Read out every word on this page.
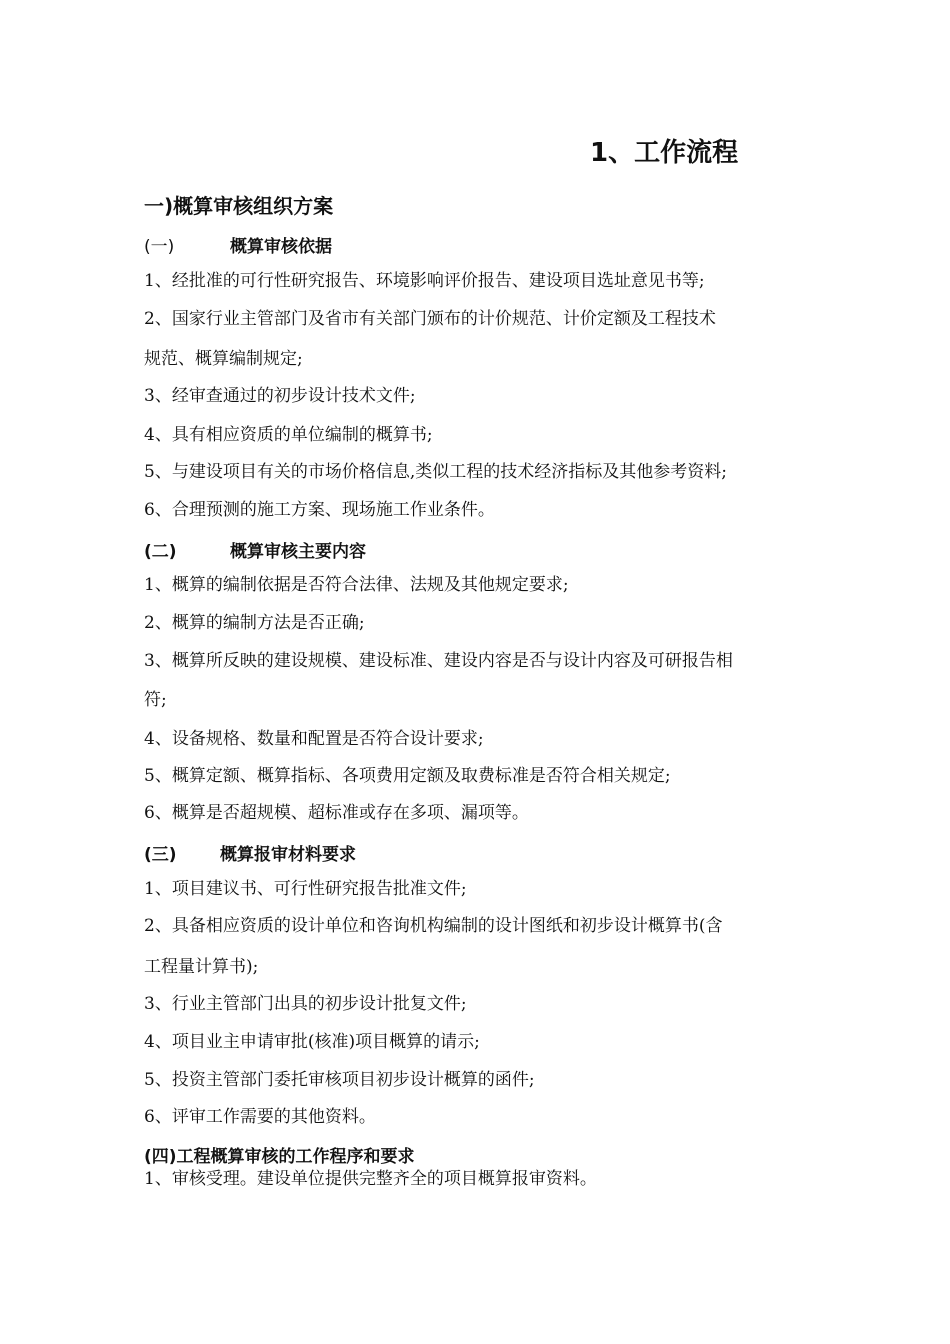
1、工作流程
一)概算审核组织方案
(一)	概算审核依据
1、经批准的可行性研究报告、环境影响评价报告、建设项目选址意见书等;
2、国家行业主管部门及省市有关部门颁布的计价规范、计价定额及工程技术
规范、概算编制规定;
3、经审查通过的初步设计技术文件;
4、具有相应资质的单位编制的概算书;
5、与建设项目有关的市场价格信息,类似工程的技术经济指标及其他参考资料;
6、合理预测的施工方案、现场施工作业条件。
(二)	概算审核主要内容
1、概算的编制依据是否符合法律、法规及其他规定要求;
2、概算的编制方法是否正确;
3、概算所反映的建设规模、建设标准、建设内容是否与设计内容及可研报告相
符;
4、设备规格、数量和配置是否符合设计要求;
5、概算定额、概算指标、各项费用定额及取费标准是否符合相关规定;
6、概算是否超规模、超标准或存在多项、漏项等。
(三)	概算报审材料要求
1、项目建议书、可行性研究报告批准文件;
2、具备相应资质的设计单位和咨询机构编制的设计图纸和初步设计概算书(含
工程量计算书);
3、行业主管部门出具的初步设计批复文件;
4、项目业主申请审批(核准)项目概算的请示;
5、投资主管部门委托审核项目初步设计概算的函件;
6、评审工作需要的其他资料。
(四)工程概算审核的工作程序和要求
1、审核受理。建设单位提供完整齐全的项目概算报审资料。
